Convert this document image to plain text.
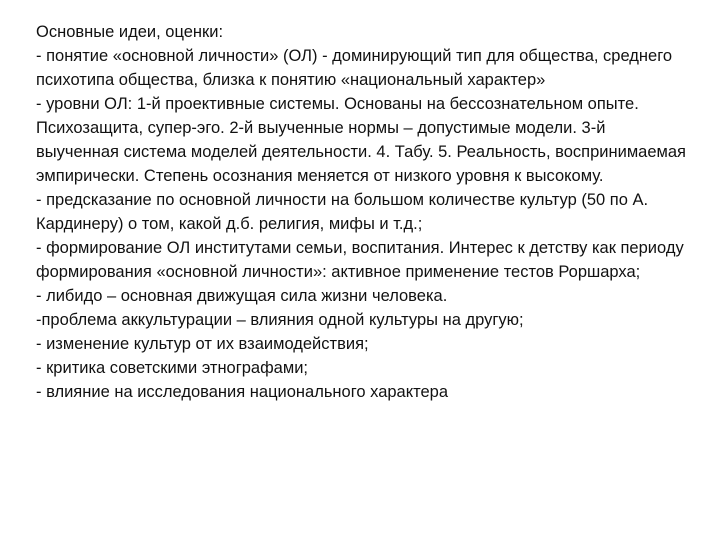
Основные идеи, оценки:

- понятие «основной личности» (ОЛ) - доминирующий тип для общества, среднего психотипа общества, близка к понятию «национальный характер»

- уровни ОЛ: 1-й проективные системы. Основаны на бессознательном опыте. Психозащита, супер-эго. 2-й выученные нормы – допустимые модели. 3-й выученная система моделей деятельности. 4. Табу. 5. Реальность, воспринимаемая эмпирически. Степень осознания меняется от низкого уровня к высокому.

- предсказание по основной личности на большом количестве культур (50 по А. Кардинеру) о том, какой д.б. религия, мифы и т.д.;

- формирование ОЛ институтами семьи, воспитания. Интерес к детству как периоду формирования «основной личности»: активное применение тестов Роршарха;

- либидо – основная движущая сила жизни человека.

-проблема аккультурации – влияния одной культуры на другую;

- изменение культур от их взаимодействия;

- критика советскими этнографами;

- влияние на исследования национального характера
